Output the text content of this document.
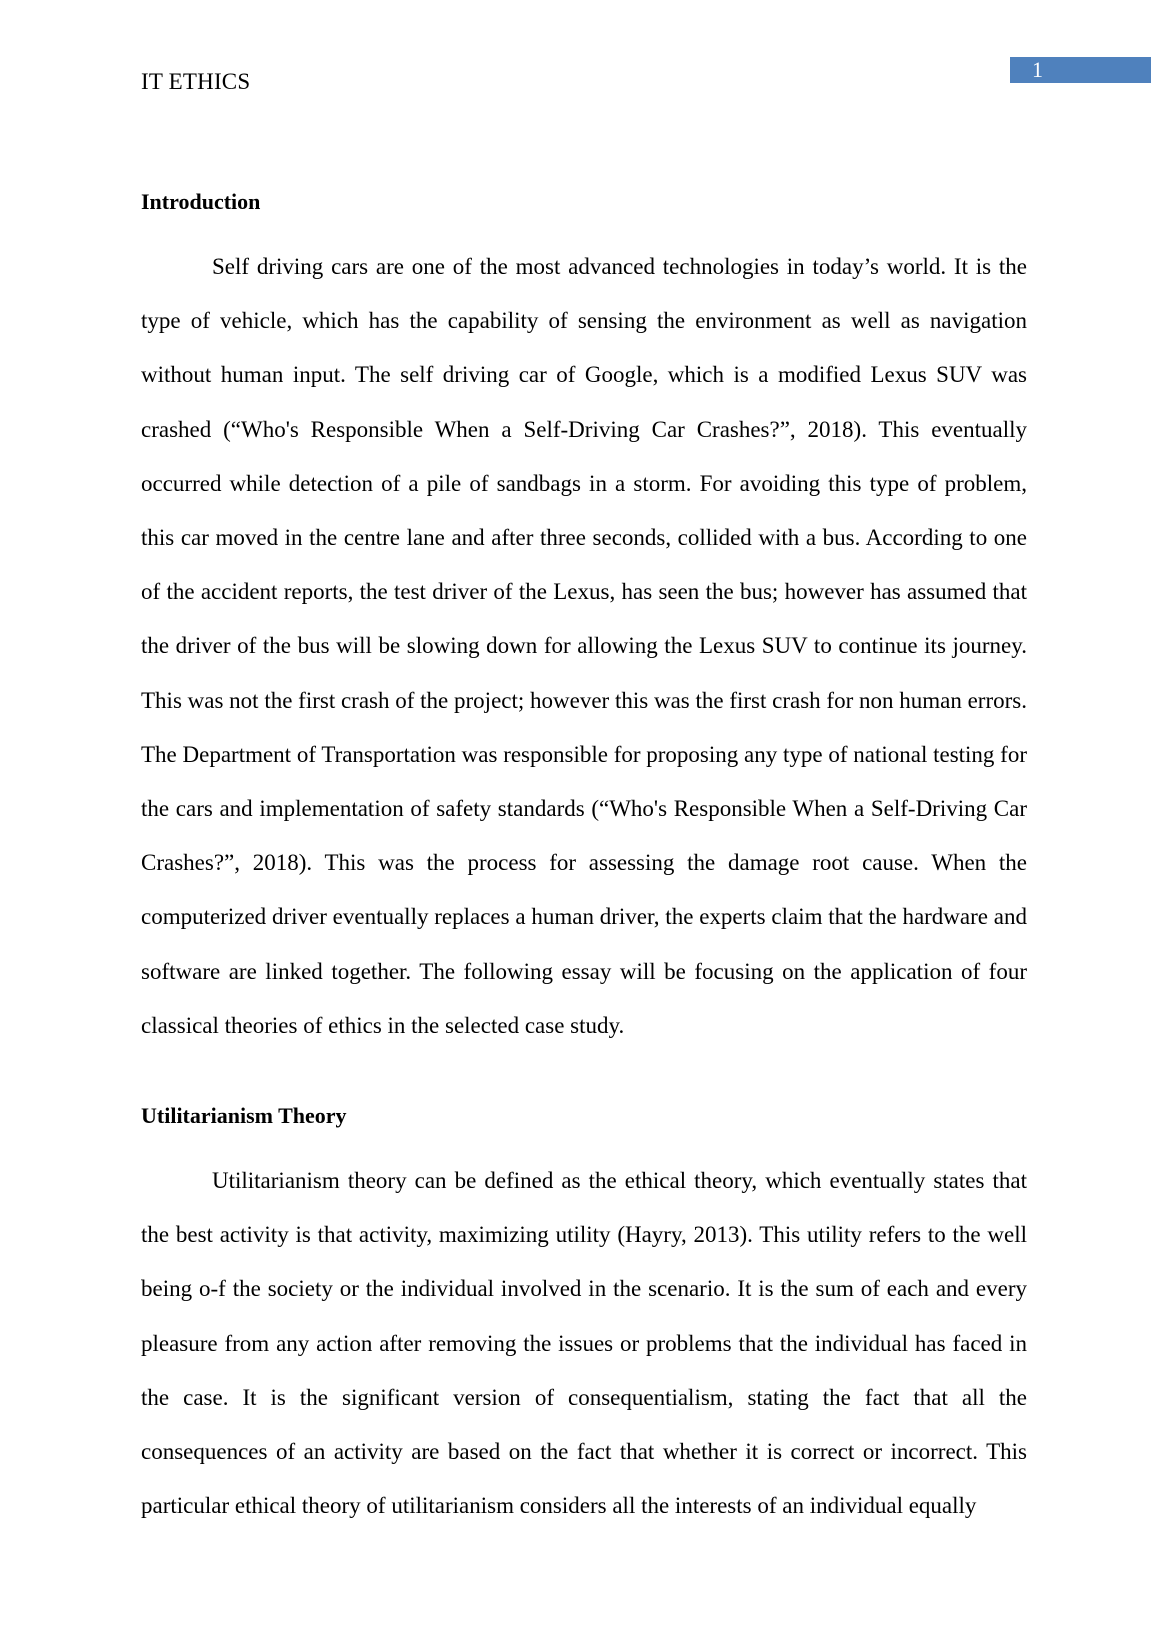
IT ETHICS	1
Introduction

Self driving cars are one of the most advanced technologies in today’s world. It is the type of vehicle, which has the capability of sensing the environment as well as navigation without human input. The self driving car of Google, which is a modified Lexus SUV was crashed (“Who's Responsible When a Self-Driving Car Crashes?”, 2018). This eventually occurred while detection of a pile of sandbags in a storm. For avoiding this type of problem, this car moved in the centre lane and after three seconds, collided with a bus. According to one of the accident reports, the test driver of the Lexus, has seen the bus; however has assumed that the driver of the bus will be slowing down for allowing the Lexus SUV to continue its journey. This was not the first crash of the project; however this was the first crash for non human errors. The Department of Transportation was responsible for proposing any type of national testing for the cars and implementation of safety standards (“Who's Responsible When a Self-Driving Car Crashes?”, 2018). This was the process for assessing the damage root cause. When the computerized driver eventually replaces a human driver, the experts claim that the hardware and software are linked together. The following essay will be focusing on the application of four classical theories of ethics in the selected case study.

Utilitarianism Theory

Utilitarianism theory can be defined as the ethical theory, which eventually states that the best activity is that activity, maximizing utility (Hayry, 2013). This utility refers to the well being o-f the society or the individual involved in the scenario. It is the sum of each and every pleasure from any action after removing the issues or problems that the individual has faced in the case. It is the significant version of consequentialism, stating the fact that all the consequences of an activity are based on the fact that whether it is correct or incorrect. This particular ethical theory of utilitarianism considers all the interests of an individual equally
